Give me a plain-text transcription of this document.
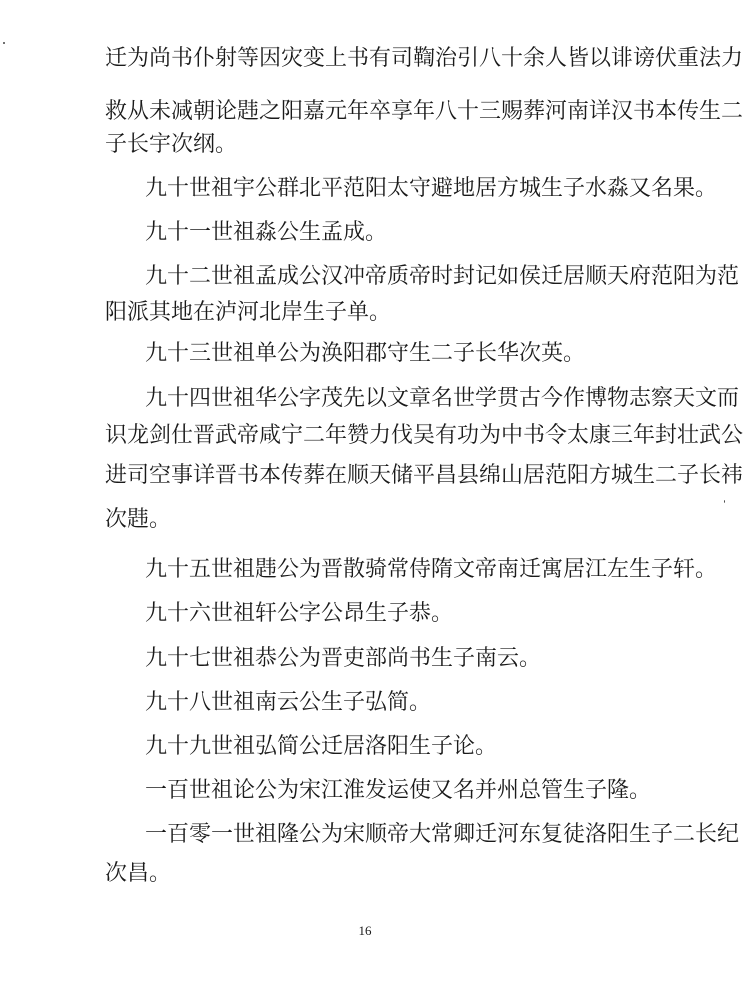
迁为尚书仆射等因灾变上书有司鞫治引八十余人皆以诽谤伏重法力
救从未减朝论韪之阳嘉元年卒享年八十三赐葬河南详汉书本传生二
子长宇次纲。
九十世祖宇公群北平范阳太守避地居方城生子水淼又名果。
九十一世祖淼公生孟成。
九十二世祖孟成公汉冲帝质帝时封记如侯迁居顺天府范阳为范
阳派其地在泸河北岸生子单。
九十三世祖单公为涣阳郡守生二子长华次英。
九十四世祖华公字茂先以文章名世学贯古今作博物志察天文而
识龙剑仕晋武帝咸宁二年赞力伐吴有功为中书令太康三年封壮武公
进司空事详晋书本传葬在顺天储平昌县绵山居范阳方城生二子长祎
次韪。
九十五世祖韪公为晋散骑常侍隋文帝南迁寓居江左生子轩。
九十六世祖轩公字公昂生子恭。
九十七世祖恭公为晋吏部尚书生子南云。
九十八世祖南云公生子弘简。
九十九世祖弘简公迁居洛阳生子论。
一百世祖论公为宋江淮发运使又名并州总管生子隆。
一百零一世祖隆公为宋顺帝大常卿迁河东复徒洛阳生子二长纪
次昌。
16
